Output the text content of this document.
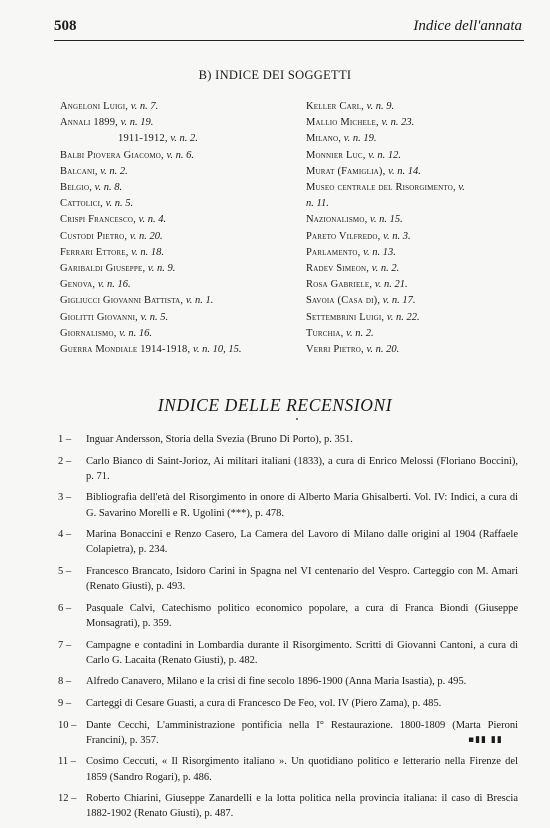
508	Indice dell'annata
B) INDICE DEI SOGGETTI
Angeloni Luigi, v. n. 7.
Annali 1899, v. n. 19.
1911-1912, v. n. 2.
Balbi Piovera Giacomo, v. n. 6.
Balcani, v. n. 2.
Belgio, v. n. 8.
Cattolici, v. n. 5.
Crispi Francesco, v. n. 4.
Custodi Pietro, v. n. 20.
Ferrari Ettore, v. n. 18.
Garibaldi Giuseppe, v. n. 9.
Genova, v. n. 16.
Gigliucci Giovanni Battista, v. n. 1.
Giolitti Giovanni, v. n. 5.
Giornalismo, v. n. 16.
Guerra Mondiale 1914-1918, v. n. 10, 15.
Keller Carl, v. n. 9.
Mallio Michele, v. n. 23.
Milano, v. n. 19.
Monnier Luc, v. n. 12.
Murat (Famiglia), v. n. 14.
Museo centrale del Risorgimento, v.
n. 11.
Nazionalismo, v. n. 15.
Pareto Vilfredo, v. n. 3.
Parlamento, v. n. 13.
Radev Simeon, v. n. 2.
Rosa Gabriele, v. n. 21.
Savoia (Casa di), v. n. 17.
Settembrini Luigi, v. n. 22.
Turchia, v. n. 2.
Verri Pietro, v. n. 20.
INDICE DELLE RECENSIONI
1 –	Inguar Andersson, Storia della Svezia (Bruno Di Porto), p. 351.
2 –	Carlo Bianco di Saint-Jorioz, Ai militari italiani (1833), a cura di Enrico Melossi (Floriano Boccini), p. 71.
3 –	Bibliografia dell'età del Risorgimento in onore di Alberto Maria Ghisalberti. Vol. IV: Indici, a cura di G. Savarino Morelli e R. Ugolini (***), p. 478.
4 –	Marina Bonaccini e Renzo Casero, La Camera del Lavoro di Milano dalle origini al 1904 (Raffaele Colapietra), p. 234.
5 –	Francesco Brancato, Isidoro Carini in Spagna nel VI centenario del Vespro. Carteggio con M. Amari (Renato Giusti), p. 493.
6 –	Pasquale Calvi, Catechismo politico economico popolare, a cura di Franca Biondi (Giuseppe Monsagrati), p. 359.
7 –	Campagne e contadini in Lombardia durante il Risorgimento. Scritti di Giovanni Cantoni, a cura di Carlo G. Lacaita (Renato Giusti), p. 482.
8 –	Alfredo Canavero, Milano e la crisi di fine secolo 1896-1900 (Anna Maria Isastia), p. 495.
9 –	Carteggi di Cesare Guasti, a cura di Francesco De Feo, vol. IV (Piero Zama), p. 485.
10 – Dante Cecchi, L'amministrazione pontificia nella I° Restaurazione. 1800-1809 (Marta Pieroni Francini), p. 357.
11 – Cosimo Ceccuti, « Il Risorgimento italiano ». Un quotidiano politico e letterario nella Firenze del 1859 (Sandro Rogari), p. 486.
12 – Roberto Chiarini, Giuseppe Zanardelli e la lotta politica nella provincia italiana: il caso di Brescia 1882-1902 (Renato Giusti), p. 487.
▪▮▮ ▮▮
